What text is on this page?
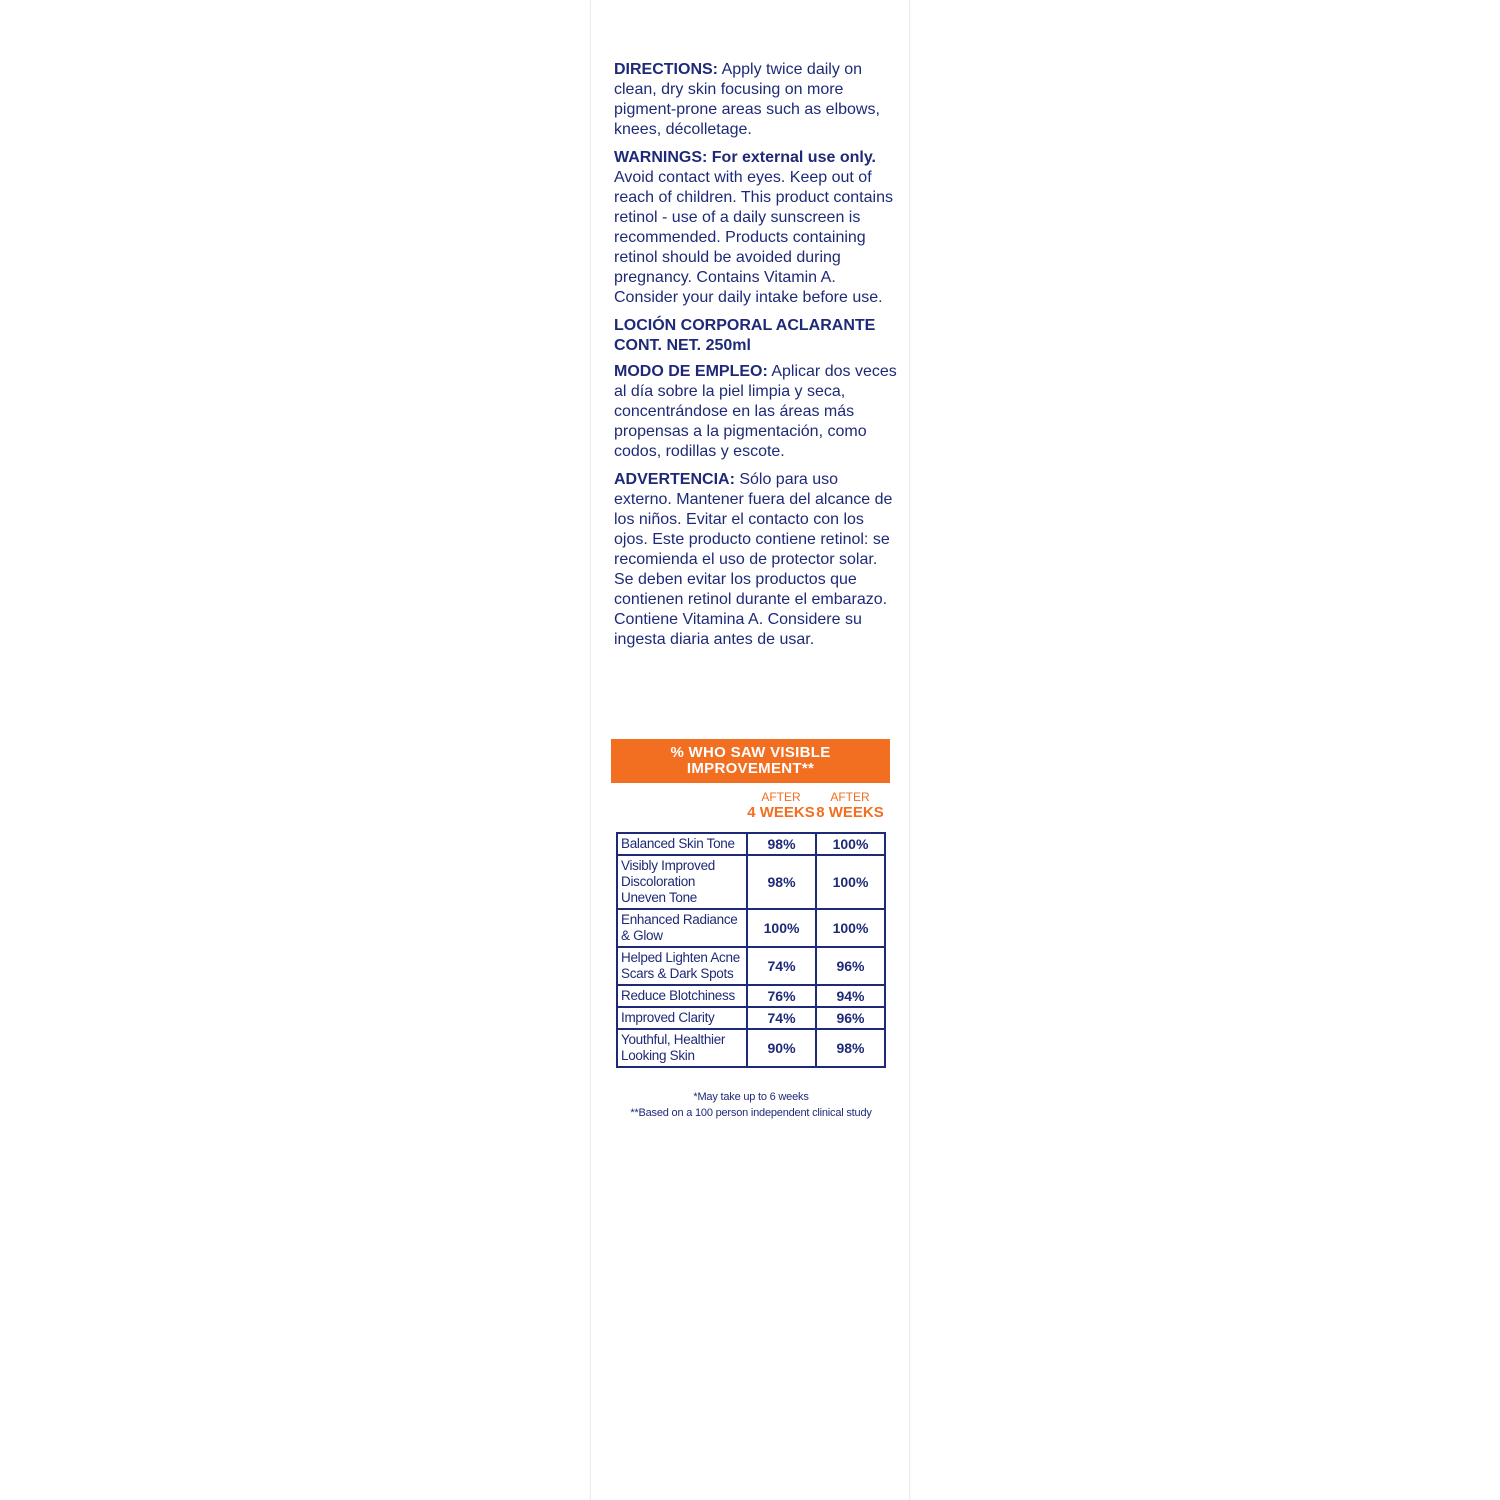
DIRECTIONS: Apply twice daily on clean, dry skin focusing on more pigment-prone areas such as elbows, knees, décolletage.

WARNINGS: For external use only. Avoid contact with eyes. Keep out of reach of children. This product contains retinol - use of a daily sunscreen is recommended. Products containing retinol should be avoided during pregnancy. Contains Vitamin A. Consider your daily intake before use.

LOCIÓN CORPORAL ACLARANTE
CONT. NET. 250ml

MODO DE EMPLEO: Aplicar dos veces al día sobre la piel limpia y seca, concentrándose en las áreas más propensas a la pigmentación, como codos, rodillas y escote.

ADVERTENCIA: Sólo para uso externo. Mantener fuera del alcance de los niños. Evitar el contacto con los ojos. Este producto contiene retinol: se recomienda el uso de protector solar. Se deben evitar los productos que contienen retinol durante el embarazo. Contiene Vitamina A. Considere su ingesta diaria antes de usar.

% WHO SAW VISIBLE
IMPROVEMENT**
AFTER
4 WEEKS
AFTER
8 WEEKS
Balanced Skin Tone	98%	100%
Visibly Improved Discoloration Uneven Tone	98%	100%
Enhanced Radiance & Glow	100%	100%
Helped Lighten Acne Scars & Dark Spots	74%	96%
Reduce Blotchiness	76%	94%
Improved Clarity	74%	96%
Youthful, Healthier Looking Skin	90%	98%
*May take up to 6 weeks
**Based on a 100 person independent clinical study
